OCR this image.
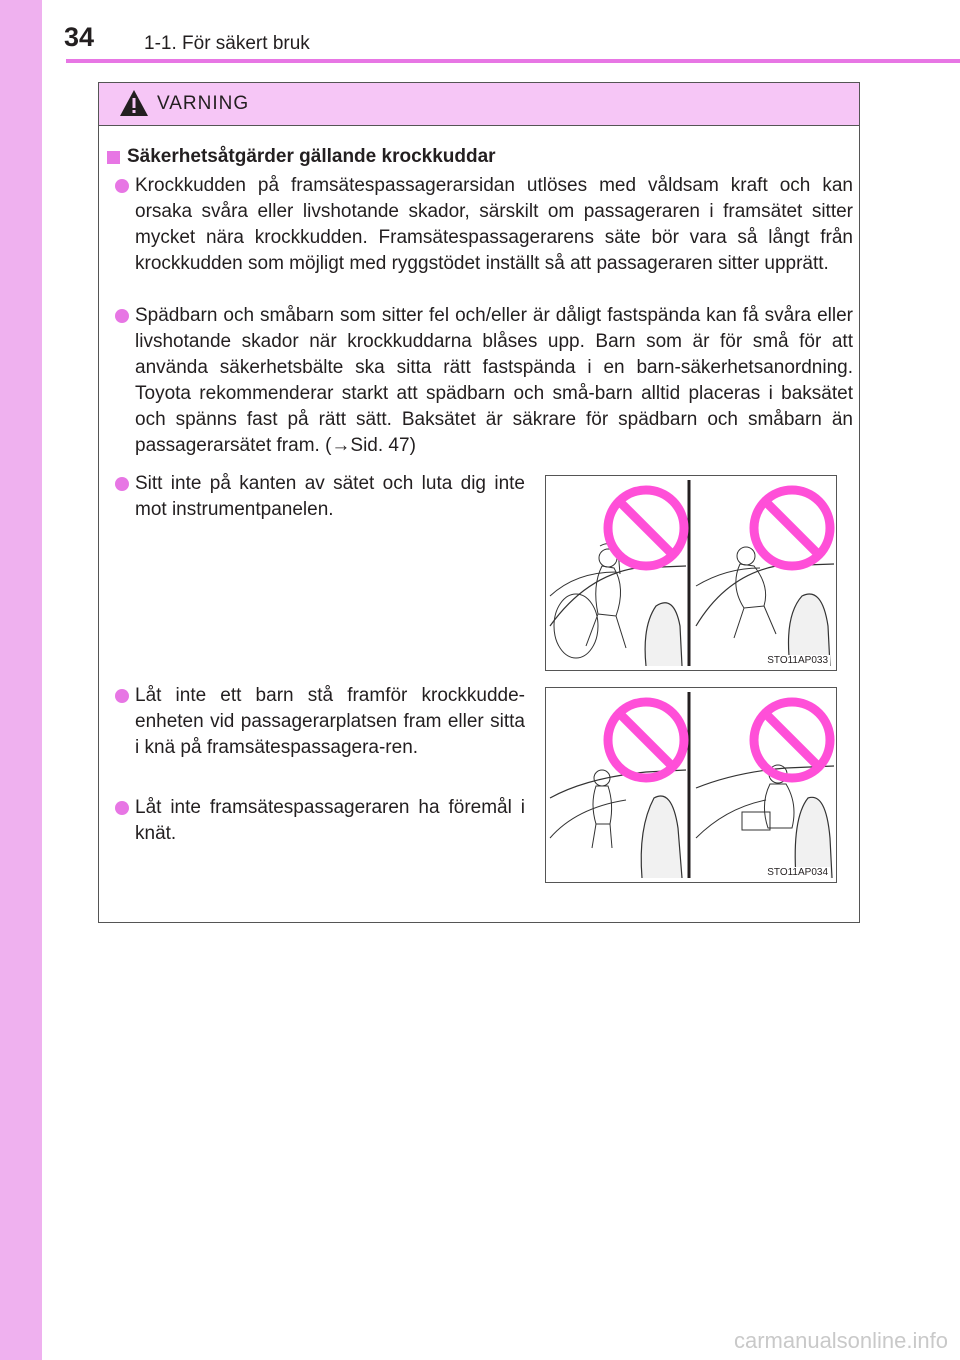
34	1-1. För säkert bruk
VARNING
Säkerhetsåtgärder gällande krockkuddar
Krockkudden på framsätespassagerarsidan utlöses med våldsam kraft och kan orsaka svåra eller livshotande skador, särskilt om passageraren i framsätet sitter mycket nära krockkudden. Framsätespassagerarens säte bör vara så långt från krockkudden som möjligt med ryggstödet inställt så att passageraren sitter upprätt.
Spädbarn och småbarn som sitter fel och/eller är dåligt fastspända kan få svåra eller livshotande skador när krockkuddarna blåses upp. Barn som är för små för att använda säkerhetsbälte ska sitta rätt fastspända i en barn-säkerhetsanordning. Toyota rekommenderar starkt att spädbarn och små-barn alltid placeras i baksätet och spänns fast på rätt sätt. Baksätet är säkrare för spädbarn och småbarn än passagerarsätet fram. (→Sid. 47)
Sitt inte på kanten av sätet och luta dig inte mot instrumentpanelen.
STO11AP033
Låt inte ett barn stå framför krockkudde-enheten vid passagerarplatsen fram eller sitta i knä på framsätespassagera-ren.
Låt inte framsätespassageraren ha föremål i knät.
STO11AP034
carmanualsonline.info
